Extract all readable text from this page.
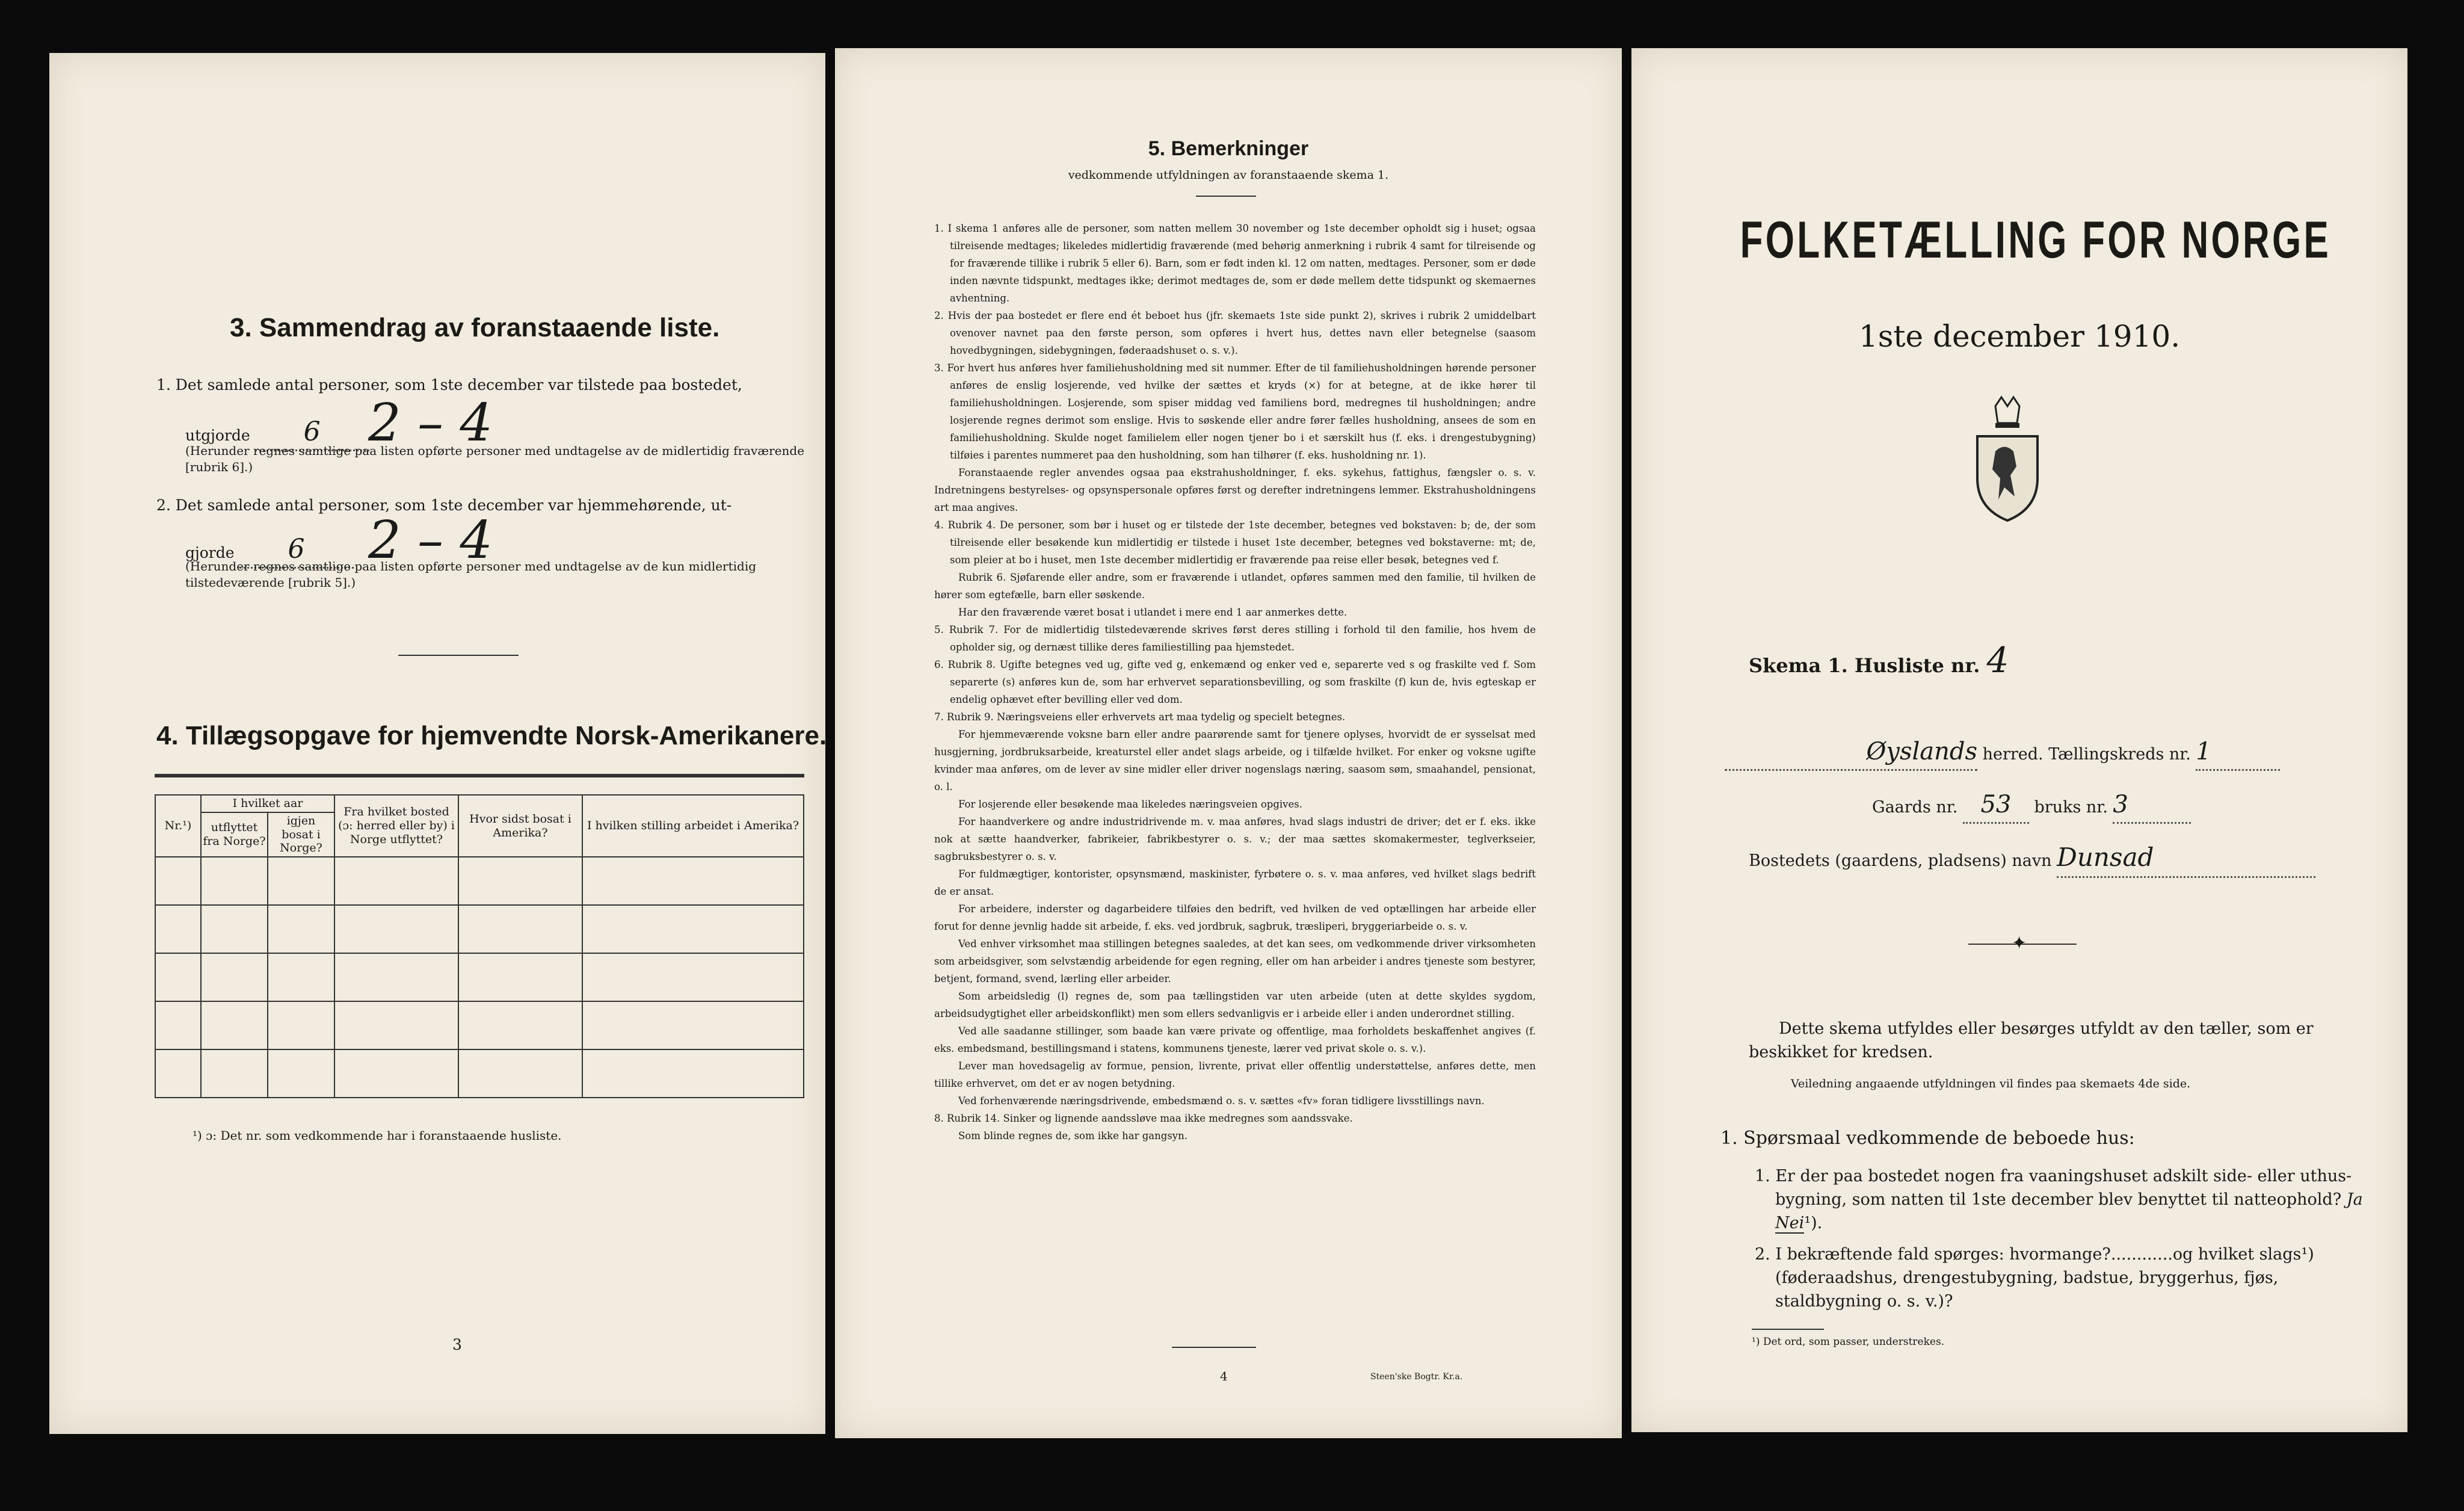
3. Sammendrag av foranstaaende liste.
1. Det samlede antal personer, som 1ste december var tilstede paa bostedet,
utgjorde 6 2 – 4
(Herunder regnes samtlige paa listen opførte personer med undtagelse av de midlertidig fraværende [rubrik 6].)
2. Det samlede antal personer, som 1ste december var hjemmehørende, ut-
gjorde 6	2 – 4
(Herunder regnes samtlige paa listen opførte personer med undtagelse av de kun midlertidig tilstedeværende [rubrik 5].)
4. Tillægsopgave for hjemvendte Norsk-Amerikanere.
Nr.¹)	I hvilket aar		Fra hvilket bosted (ɔ: herred eller by) i Norge utflyttet?	Hvor sidst bosat i Amerika?	I hvilken stilling arbeidet i Amerika?
	utflyttet fra Norge?	igjen bosat i Norge?			

¹) ɔ: Det nr. som vedkommende har i foranstaaende husliste.
3
5. Bemerkninger
vedkommende utfyldningen av foranstaaende skema 1.

1. I skema 1 anføres alle de personer, som natten mellem 30 november og 1ste december opholdt sig i huset; ogsaa tilreisende medtages; likeledes midlertidig fraværende (med behørig anmerkning i rubrik 4 samt for tilreisende og for fraværende tillike i rubrik 5 eller 6). Barn, som er født inden kl. 12 om natten, medtages. Personer, som er døde inden nævnte tidspunkt, medtages ikke; derimot medtages de, som er døde mellem dette tidspunkt og skemaernes avhentning.

2. Hvis der paa bostedet er flere end ét beboet hus (jfr. skemaets 1ste side punkt 2), skrives i rubrik 2 umiddelbart ovenover navnet paa den første person, som opføres i hvert hus, dettes navn eller betegnelse (saasom hovedbygningen, sidebygningen, føderaadshuset o. s. v.).

3. For hvert hus anføres hver familiehusholdning med sit nummer. Efter de til familiehusholdningen hørende personer anføres de enslig losjerende, ved hvilke der sættes et kryds (×) for at betegne, at de ikke hører til familiehusholdningen. Losjerende, som spiser middag ved familiens bord, medregnes til husholdningen; andre losjerende regnes derimot som enslige. Hvis to søskende eller andre fører fælles husholdning, ansees de som en familiehusholdning. Skulde noget familielem eller nogen tjener bo i et særskilt hus (f. eks. i drengestubygning) tilføies i parentes nummeret paa den husholdning, som han tilhører (f. eks. husholdning nr. 1).

Foranstaaende regler anvendes ogsaa paa ekstrahusholdninger, f. eks. sykehus, fattighus, fængsler o. s. v. Indretningens bestyrelses- og opsynspersonale opføres først og derefter indretningens lemmer. Ekstrahusholdningens art maa angives.

4. Rubrik 4. De personer, som bør i huset og er tilstede der 1ste december, betegnes ved bokstaven: b; de, der som tilreisende eller besøkende kun midlertidig er tilstede i huset 1ste december, betegnes ved bokstaverne: mt; de, som pleier at bo i huset, men 1ste december midlertidig er fraværende paa reise eller besøk, betegnes ved f.

Rubrik 6. Sjøfarende eller andre, som er fraværende i utlandet, opføres sammen med den familie, til hvilken de hører som egtefælle, barn eller søskende.

Har den fraværende været bosat i utlandet i mere end 1 aar anmerkes dette.

5. Rubrik 7. For de midlertidig tilstedeværende skrives først deres stilling i forhold til den familie, hos hvem de opholder sig, og dernæst tillike deres familiestilling paa hjemstedet.

6. Rubrik 8. Ugifte betegnes ved ug, gifte ved g, enkemænd og enker ved e, separerte ved s og fraskilte ved f. Som separerte (s) anføres kun de, som har erhvervet separationsbevilling, og som fraskilte (f) kun de, hvis egteskap er endelig ophævet efter bevilling eller ved dom.

7. Rubrik 9. Næringsveiens eller erhvervets art maa tydelig og specielt betegnes.

For hjemmeværende voksne barn eller andre paarørende samt for tjenere oplyses, hvorvidt de er sysselsat med husgjerning, jordbruksarbeide, kreaturstel eller andet slags arbeide, og i tilfælde hvilket. For enker og voksne ugifte kvinder maa anføres, om de lever av sine midler eller driver nogenslags næring, saasom søm, smaahandel, pensionat, o. l.

For losjerende eller besøkende maa likeledes næringsveien opgives.

For haandverkere og andre industridrivende m. v. maa anføres, hvad slags industri de driver; det er f. eks. ikke nok at sætte haandverker, fabrikeier, fabrikbestyrer o. s. v.; der maa sættes skomakermester, teglverkseier, sagbruksbestyrer o. s. v.

For fuldmægtiger, kontorister, opsynsmænd, maskinister, fyrbøtere o. s. v. maa anføres, ved hvilket slags bedrift de er ansat.

For arbeidere, inderster og dagarbeidere tilføies den bedrift, ved hvilken de ved optællingen har arbeide eller forut for denne jevnlig hadde sit arbeide, f. eks. ved jordbruk, sagbruk, træsliperi, bryggeriarbeide o. s. v.

Ved enhver virksomhet maa stillingen betegnes saaledes, at det kan sees, om vedkommende driver virksomheten som arbeidsgiver, som selvstændig arbeidende for egen regning, eller om han arbeider i andres tjeneste som bestyrer, betjent, formand, svend, lærling eller arbeider.

Som arbeidsledig (l) regnes de, som paa tællingstiden var uten arbeide (uten at dette skyldes sygdom, arbeidsudygtighet eller arbeidskonflikt) men som ellers sedvanligvis er i arbeide eller i anden underordnet stilling.

Ved alle saadanne stillinger, som baade kan være private og offentlige, maa forholdets beskaffenhet angives (f. eks. embedsmand, bestillingsmand i statens, kommunens tjeneste, lærer ved privat skole o. s. v.).

Lever man hovedsagelig av formue, pension, livrente, privat eller offentlig understøttelse, anføres dette, men tillike erhvervet, om det er av nogen betydning.

Ved forhenværende næringsdrivende, embedsmænd o. s. v. sættes «fv» foran tidligere livsstillings navn.

8. Rubrik 14. Sinker og lignende aandssløve maa ikke medregnes som aandssvake.

Som blinde regnes de, som ikke har gangsyn.

4	Steen'ske Bogtr. Kr.a.
FOLKETÆLLING FOR NORGE
1ste december 1910.
Skema 1. Husliste nr. 4
Øyslands herred. Tællingskreds nr. 1
Gaards nr. 53 bruks nr. 3
Bostedets (gaardens, pladsens) navn Dunsad
✦
Dette skema utfyldes eller besørges utfyldt av den tæller, som er beskikket for kredsen.
Veiledning angaaende utfyldningen vil findes paa skemaets 4de side.
1. Spørsmaal vedkommende de beboede hus:
1. Er der paa bostedet nogen fra vaaningshuset adskilt side- eller uthus-bygning, som natten til 1ste december blev benyttet til natteophold? Ja Nei¹).
2. I bekræftende fald spørges: hvormange?............og hvilket slags¹) (føderaadshus, drengestubygning, badstue, bryggerhus, fjøs, staldbygning o. s. v.)?
¹) Det ord, som passer, understrekes.
